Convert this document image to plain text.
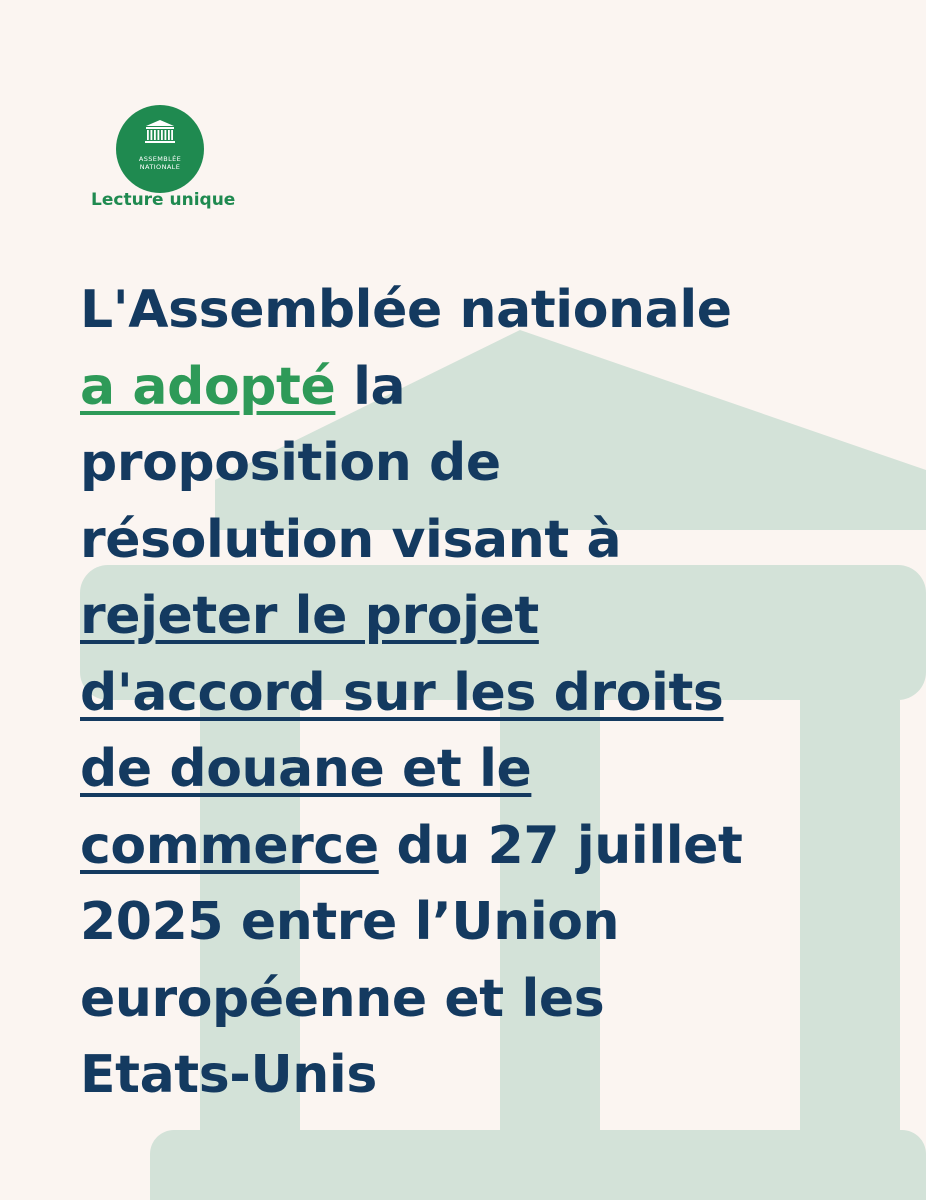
ASSEMBLÉE
NATIONALE
Lecture unique
L'Assemblée nationale
a adopté la
proposition de
résolution visant à
rejeter le projet
d'accord sur les droits
de douane et le
commerce du 27 juillet
2025 entre l’Union
européenne et les
Etats-Unis
